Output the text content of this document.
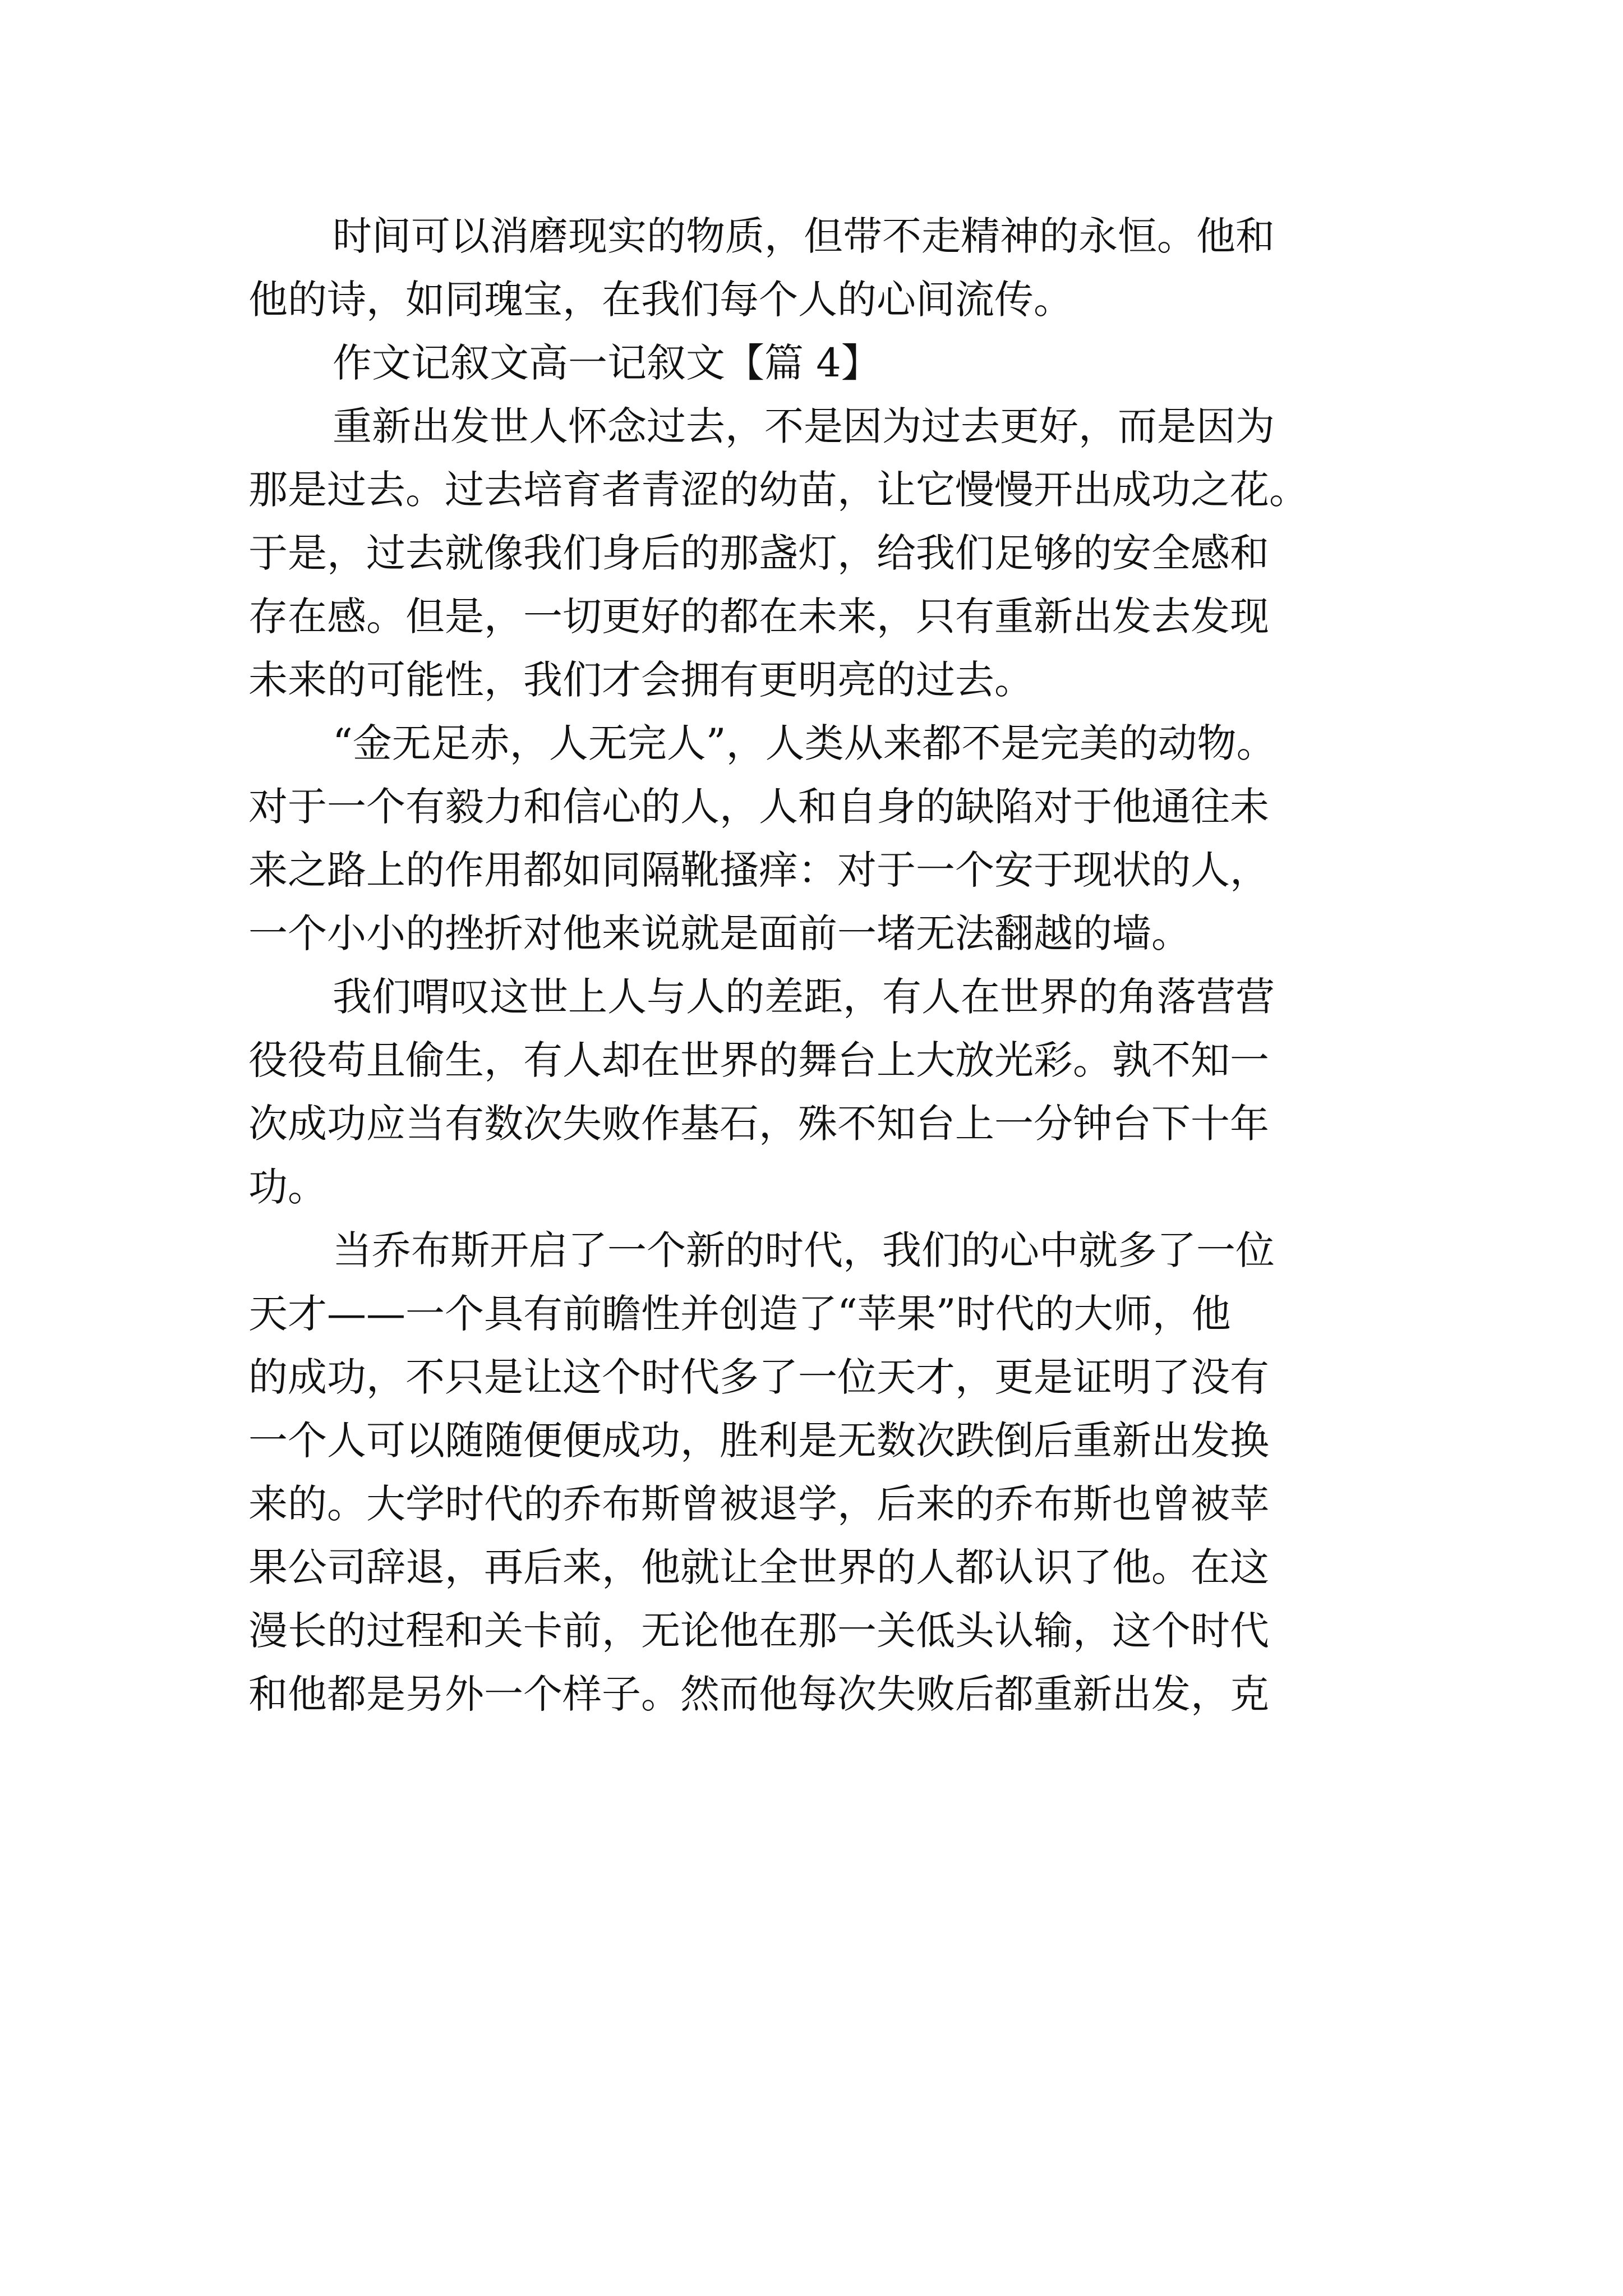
时间可以消磨现实的物质，但带不走精神的永恒。他和
他的诗，如同瑰宝，在我们每个人的心间流传。

作文记叙文高一记叙文【篇 4】

重新出发世人怀念过去，不是因为过去更好，而是因为
那是过去。过去培育者青涩的幼苗，让它慢慢开出成功之花。
于是，过去就像我们身后的那盏灯，给我们足够的安全感和
存在感。但是，一切更好的都在未来，只有重新出发去发现
未来的可能性，我们才会拥有更明亮的过去。

“金无足赤，人无完人”，人类从来都不是完美的动物。
对于一个有毅力和信心的人，人和自身的缺陷对于他通往未
来之路上的作用都如同隔靴搔痒：对于一个安于现状的人，
一个小小的挫折对他来说就是面前一堵无法翻越的墙。

我们喟叹这世上人与人的差距，有人在世界的角落营营
役役苟且偷生，有人却在世界的舞台上大放光彩。孰不知一
次成功应当有数次失败作基石，殊不知台上一分钟台下十年
功。

当乔布斯开启了一个新的时代，我们的心中就多了一位
天才——一个具有前瞻性并创造了“苹果”时代的大师，他
的成功，不只是让这个时代多了一位天才，更是证明了没有
一个人可以随随便便成功，胜利是无数次跌倒后重新出发换
来的。大学时代的乔布斯曾被退学，后来的乔布斯也曾被苹
果公司辞退，再后来，他就让全世界的人都认识了他。在这
漫长的过程和关卡前，无论他在那一关低头认输，这个时代
和他都是另外一个样子。然而他每次失败后都重新出发，克
